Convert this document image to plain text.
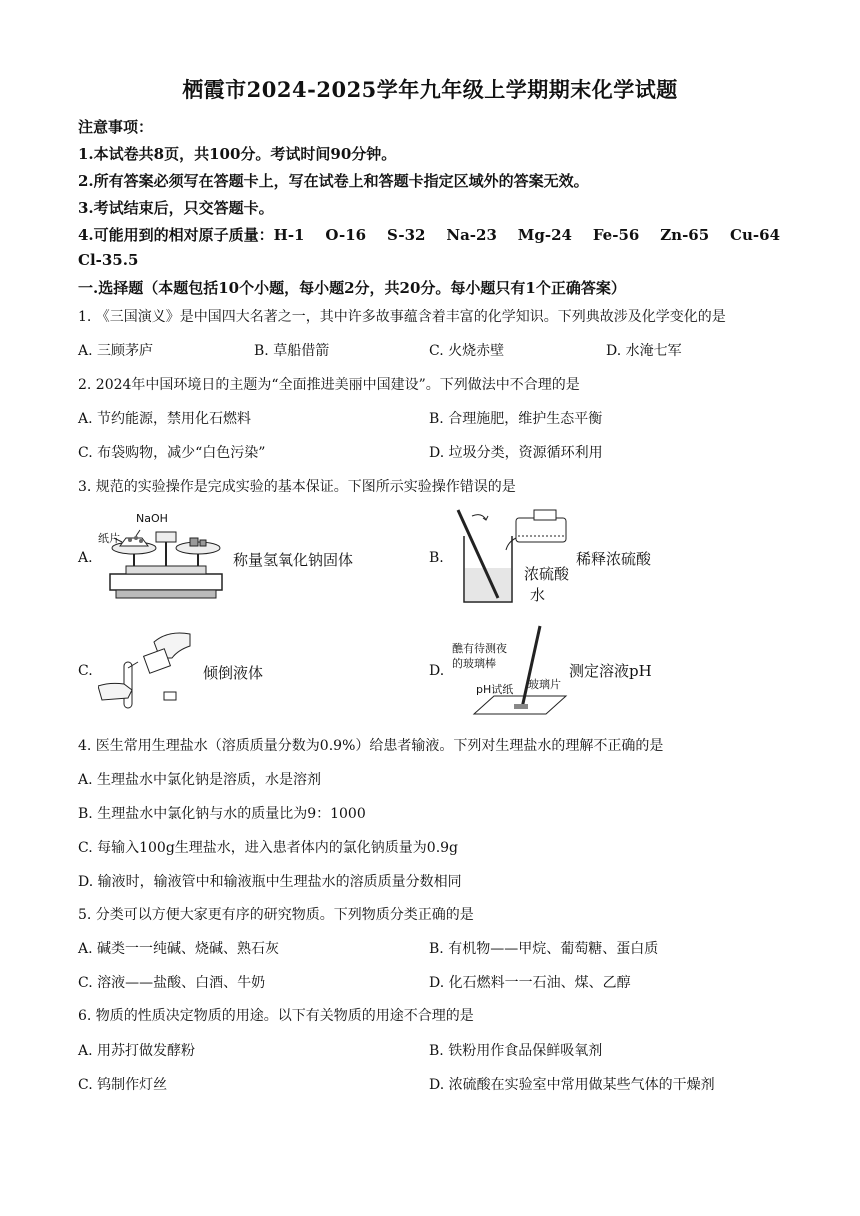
栖霞市2024-2025学年九年级上学期期末化学试题
注意事项：
1.本试卷共8页，共100分。考试时间90分钟。
2.所有答案必须写在答题卡上，写在试卷上和答题卡指定区域外的答案无效。
3.考试结束后，只交答题卡。
4.可能用到的相对原子质量：H-1    O-16    S-32    Na-23    Mg-24    Fe-56    Zn-65    Cu-64
Cl-35.5
一.选择题（本题包括10个小题，每小题2分，共20分。每小题只有1个正确答案）
1. 《三国演义》是中国四大名著之一，其中许多故事蕴含着丰富的化学知识。下列典故涉及化学变化的是
A. 三顾茅庐	B. 草船借箭	C. 火烧赤壁	D. 水淹七军
2. 2024年中国环境日的主题为“全面推进美丽中国建设”。下列做法中不合理的是
A. 节约能源，禁用化石燃料	B. 合理施肥，维护生态平衡
C. 布袋购物，减少“白色污染”	D. 垃圾分类，资源循环利用
3. 规范的实验操作是完成实验的基本保证。下图所示实验操作错误的是
A.
NaOH
纸片
称量氢氧化钠固体	B.	稀释浓硫酸
浓硫酸
水
C.	倾倒液体	D.
醮有待测夜
的玻璃棒
pH试纸 玻璃片
测定溶液pH
4. 医生常用生理盐水（溶质质量分数为0.9%）给患者输液。下列对生理盐水的理解不正确的是
A. 生理盐水中氯化钠是溶质，水是溶剂
B. 生理盐水中氯化钠与水的质量比为9：1000
C. 每输入100g生理盐水，进入患者体内的氯化钠质量为0.9g
D. 输液时，输液管中和输液瓶中生理盐水的溶质质量分数相同
5. 分类可以方便大家更有序的研究物质。下列物质分类正确的是
A. 碱类一一纯碱、烧碱、熟石灰	B. 有机物——甲烷、葡萄糖、蛋白质
C. 溶液——盐酸、白酒、牛奶	D. 化石燃料一一石油、煤、乙醇
6. 物质的性质决定物质的用途。以下有关物质的用途不合理的是
A. 用苏打做发酵粉	B. 铁粉用作食品保鲜吸氧剂
C. 钨制作灯丝	D. 浓硫酸在实验室中常用做某些气体的干燥剂
